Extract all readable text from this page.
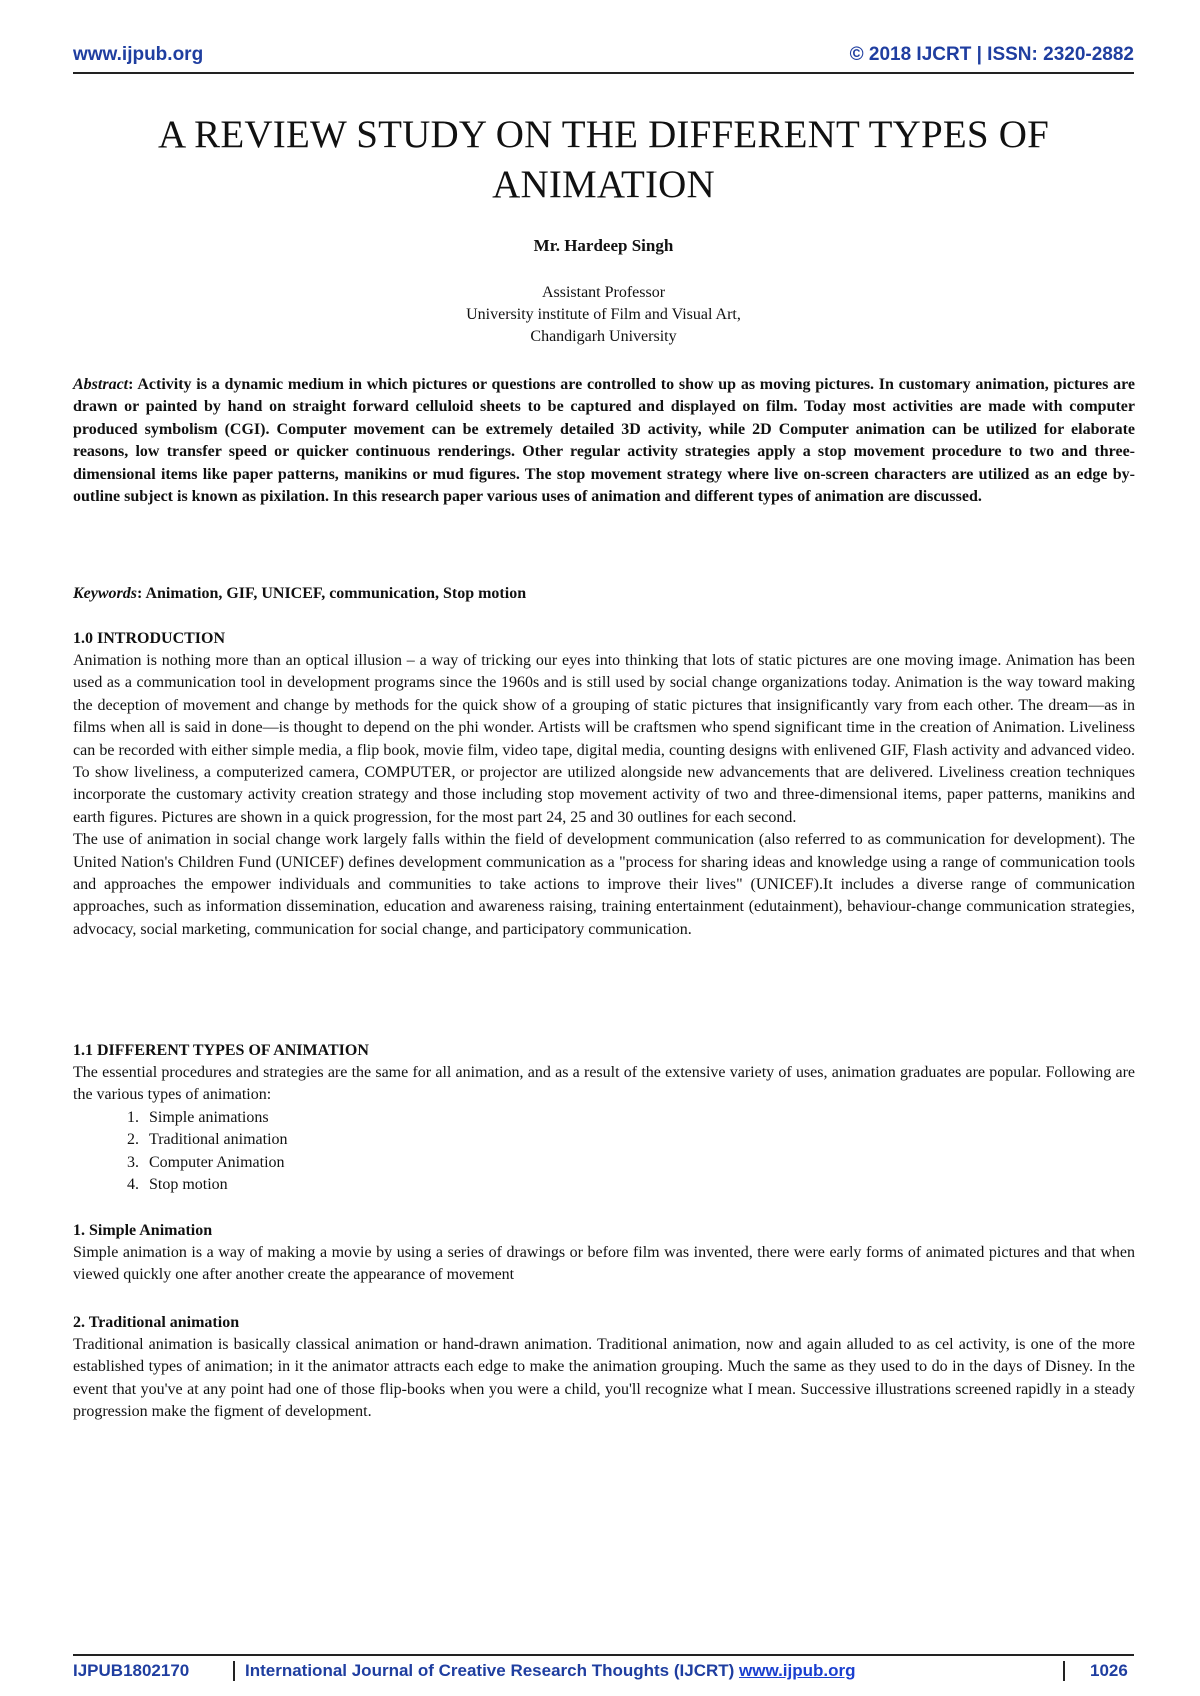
www.ijpub.org	© 2018 IJCRT | ISSN: 2320-2882
A REVIEW STUDY ON THE DIFFERENT TYPES OF
ANIMATION
Mr. Hardeep Singh
Assistant Professor
University institute of Film and Visual Art,
Chandigarh University
Abstract: Activity is a dynamic medium in which pictures or questions are controlled to show up as moving pictures. In customary animation, pictures are drawn or painted by hand on straight forward celluloid sheets to be captured and displayed on film. Today most activities are made with computer produced symbolism (CGI). Computer movement can be extremely detailed 3D activity, while 2D Computer animation can be utilized for elaborate reasons, low transfer speed or quicker continuous renderings. Other regular activity strategies apply a stop movement procedure to two and three-dimensional items like paper patterns, manikins or mud figures. The stop movement strategy where live on-screen characters are utilized as an edge by-outline subject is known as pixilation. In this research paper various uses of animation and different types of animation are discussed.
Keywords: Animation, GIF, UNICEF, communication, Stop motion
1.0 INTRODUCTION

Animation is nothing more than an optical illusion – a way of tricking our eyes into thinking that lots of static pictures are one moving image. Animation has been used as a communication tool in development programs since the 1960s and is still used by social change organizations today. Animation is the way toward making the deception of movement and change by methods for the quick show of a grouping of static pictures that insignificantly vary from each other. The dream—as in films when all is said in done—is thought to depend on the phi wonder. Artists will be craftsmen who spend significant time in the creation of Animation. Liveliness can be recorded with either simple media, a flip book, movie film, video tape, digital media, counting designs with enlivened GIF, Flash activity and advanced video. To show liveliness, a computerized camera, COMPUTER, or projector are utilized alongside new advancements that are delivered. Liveliness creation techniques incorporate the customary activity creation strategy and those including stop movement activity of two and three-dimensional items, paper patterns, manikins and earth figures. Pictures are shown in a quick progression, for the most part 24, 25 and 30 outlines for each second.

The use of animation in social change work largely falls within the field of development communication (also referred to as communication for development). The United Nation's Children Fund (UNICEF) defines development communication as a "process for sharing ideas and knowledge using a range of communication tools and approaches the empower individuals and communities to take actions to improve their lives" (UNICEF).It includes a diverse range of communication approaches, such as information dissemination, education and awareness raising, training entertainment (edutainment), behaviour-change communication strategies, advocacy, social marketing, communication for social change, and participatory communication.

1.1 DIFFERENT TYPES OF ANIMATION

The essential procedures and strategies are the same for all animation, and as a result of the extensive variety of uses, animation graduates are popular. Following are the various types of animation:

1. Simple animations
2. Traditional animation
3. Computer Animation
4. Stop motion
1. Simple Animation

Simple animation is a way of making a movie by using a series of drawings or before film was invented, there were early forms of animated pictures and that when viewed quickly one after another create the appearance of movement

2. Traditional animation

Traditional animation is basically classical animation or hand-drawn animation. Traditional animation, now and again alluded to as cel activity, is one of the more established types of animation; in it the animator attracts each edge to make the animation grouping. Much the same as they used to do in the days of Disney. In the event that you've at any point had one of those flip-books when you were a child, you'll recognize what I mean. Successive illustrations screened rapidly in a steady progression make the figment of development.

IJPUB1802170	International Journal of Creative Research Thoughts (IJCRT) www.ijpub.org	1026
